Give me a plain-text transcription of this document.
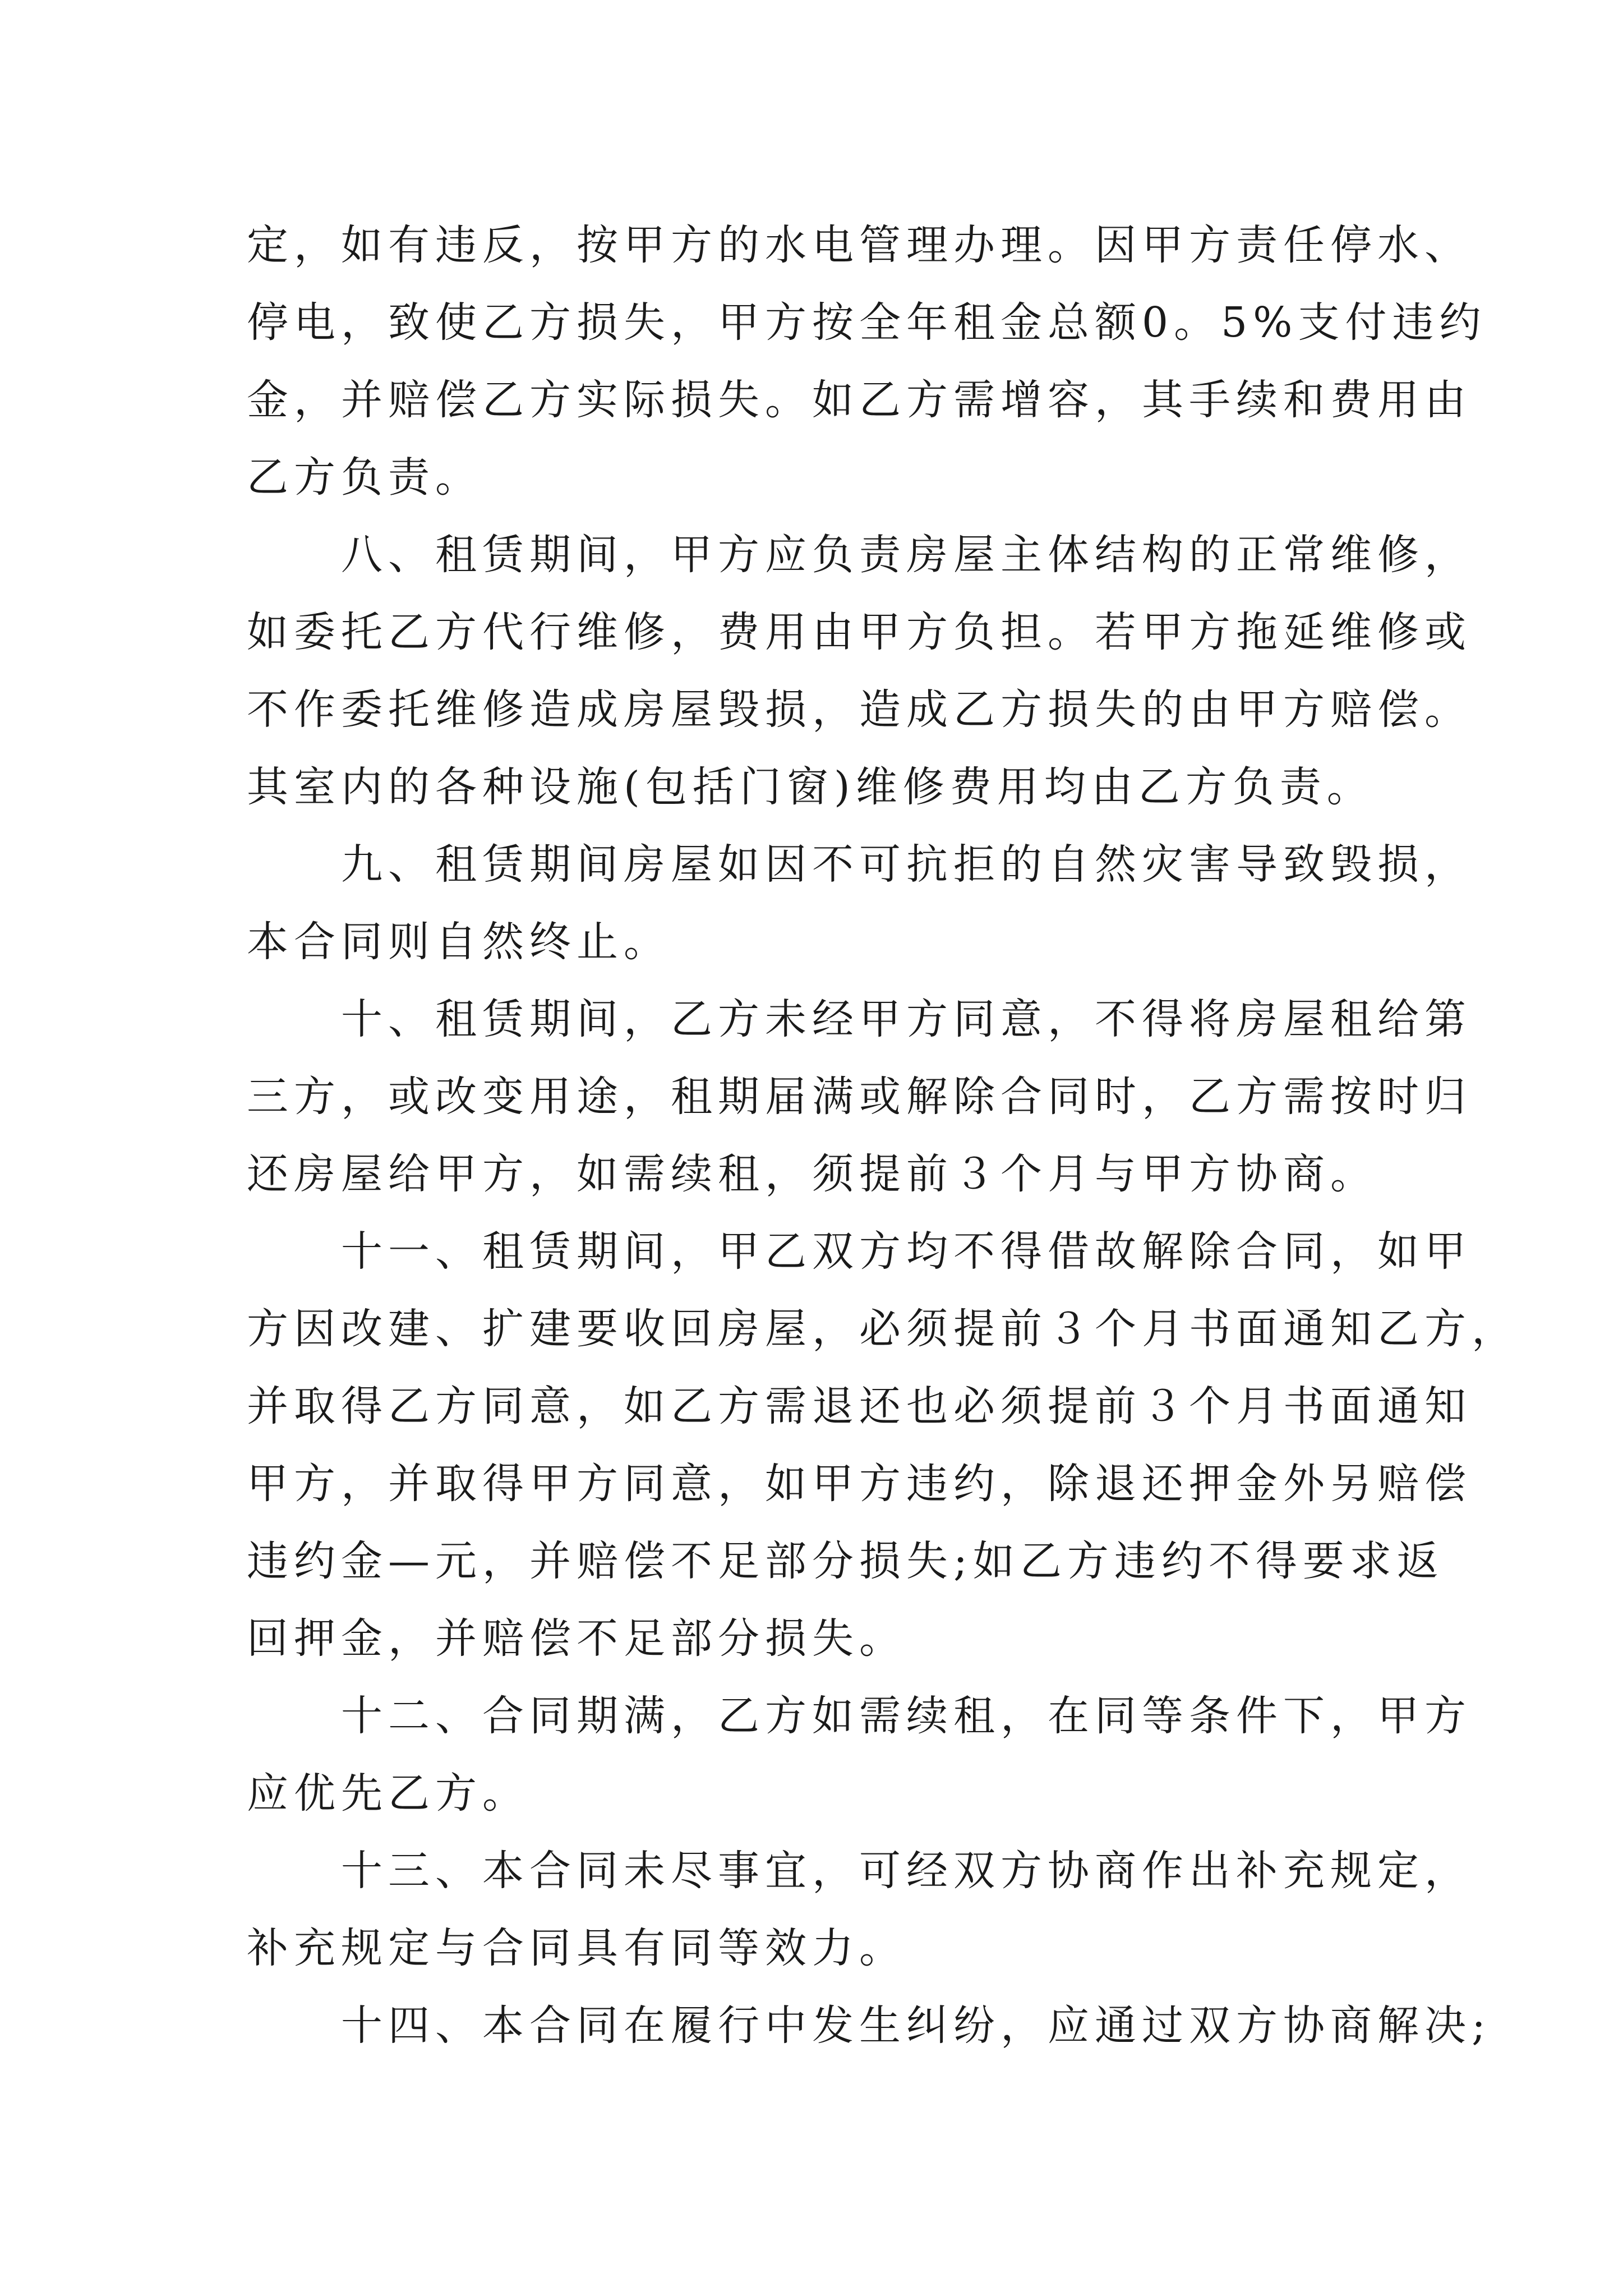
定，如有违反，按甲方的水电管理办理。因甲方责任停水、
停电，致使乙方损失，甲方按全年租金总额0。5%支付违约
金，并赔偿乙方实际损失。如乙方需增容，其手续和费用由
乙方负责。

八、租赁期间，甲方应负责房屋主体结构的正常维修，
如委托乙方代行维修，费用由甲方负担。若甲方拖延维修或
不作委托维修造成房屋毁损，造成乙方损失的由甲方赔偿。
其室内的各种设施(包括门窗)维修费用均由乙方负责。

九、租赁期间房屋如因不可抗拒的自然灾害导致毁损，
本合同则自然终止。

十、租赁期间，乙方未经甲方同意，不得将房屋租给第
三方，或改变用途，租期届满或解除合同时，乙方需按时归
还房屋给甲方，如需续租，须提前３个月与甲方协商。

十一、租赁期间，甲乙双方均不得借故解除合同，如甲
方因改建、扩建要收回房屋，必须提前３个月书面通知乙方，
并取得乙方同意，如乙方需退还也必须提前３个月书面通知
甲方，并取得甲方同意，如甲方违约，除退还押金外另赔偿
违约金—元，并赔偿不足部分损失;如乙方违约不得要求返
回押金，并赔偿不足部分损失。

十二、合同期满，乙方如需续租，在同等条件下，甲方
应优先乙方。

十三、本合同未尽事宜，可经双方协商作出补充规定，
补充规定与合同具有同等效力。

十四、本合同在履行中发生纠纷，应通过双方协商解决;
